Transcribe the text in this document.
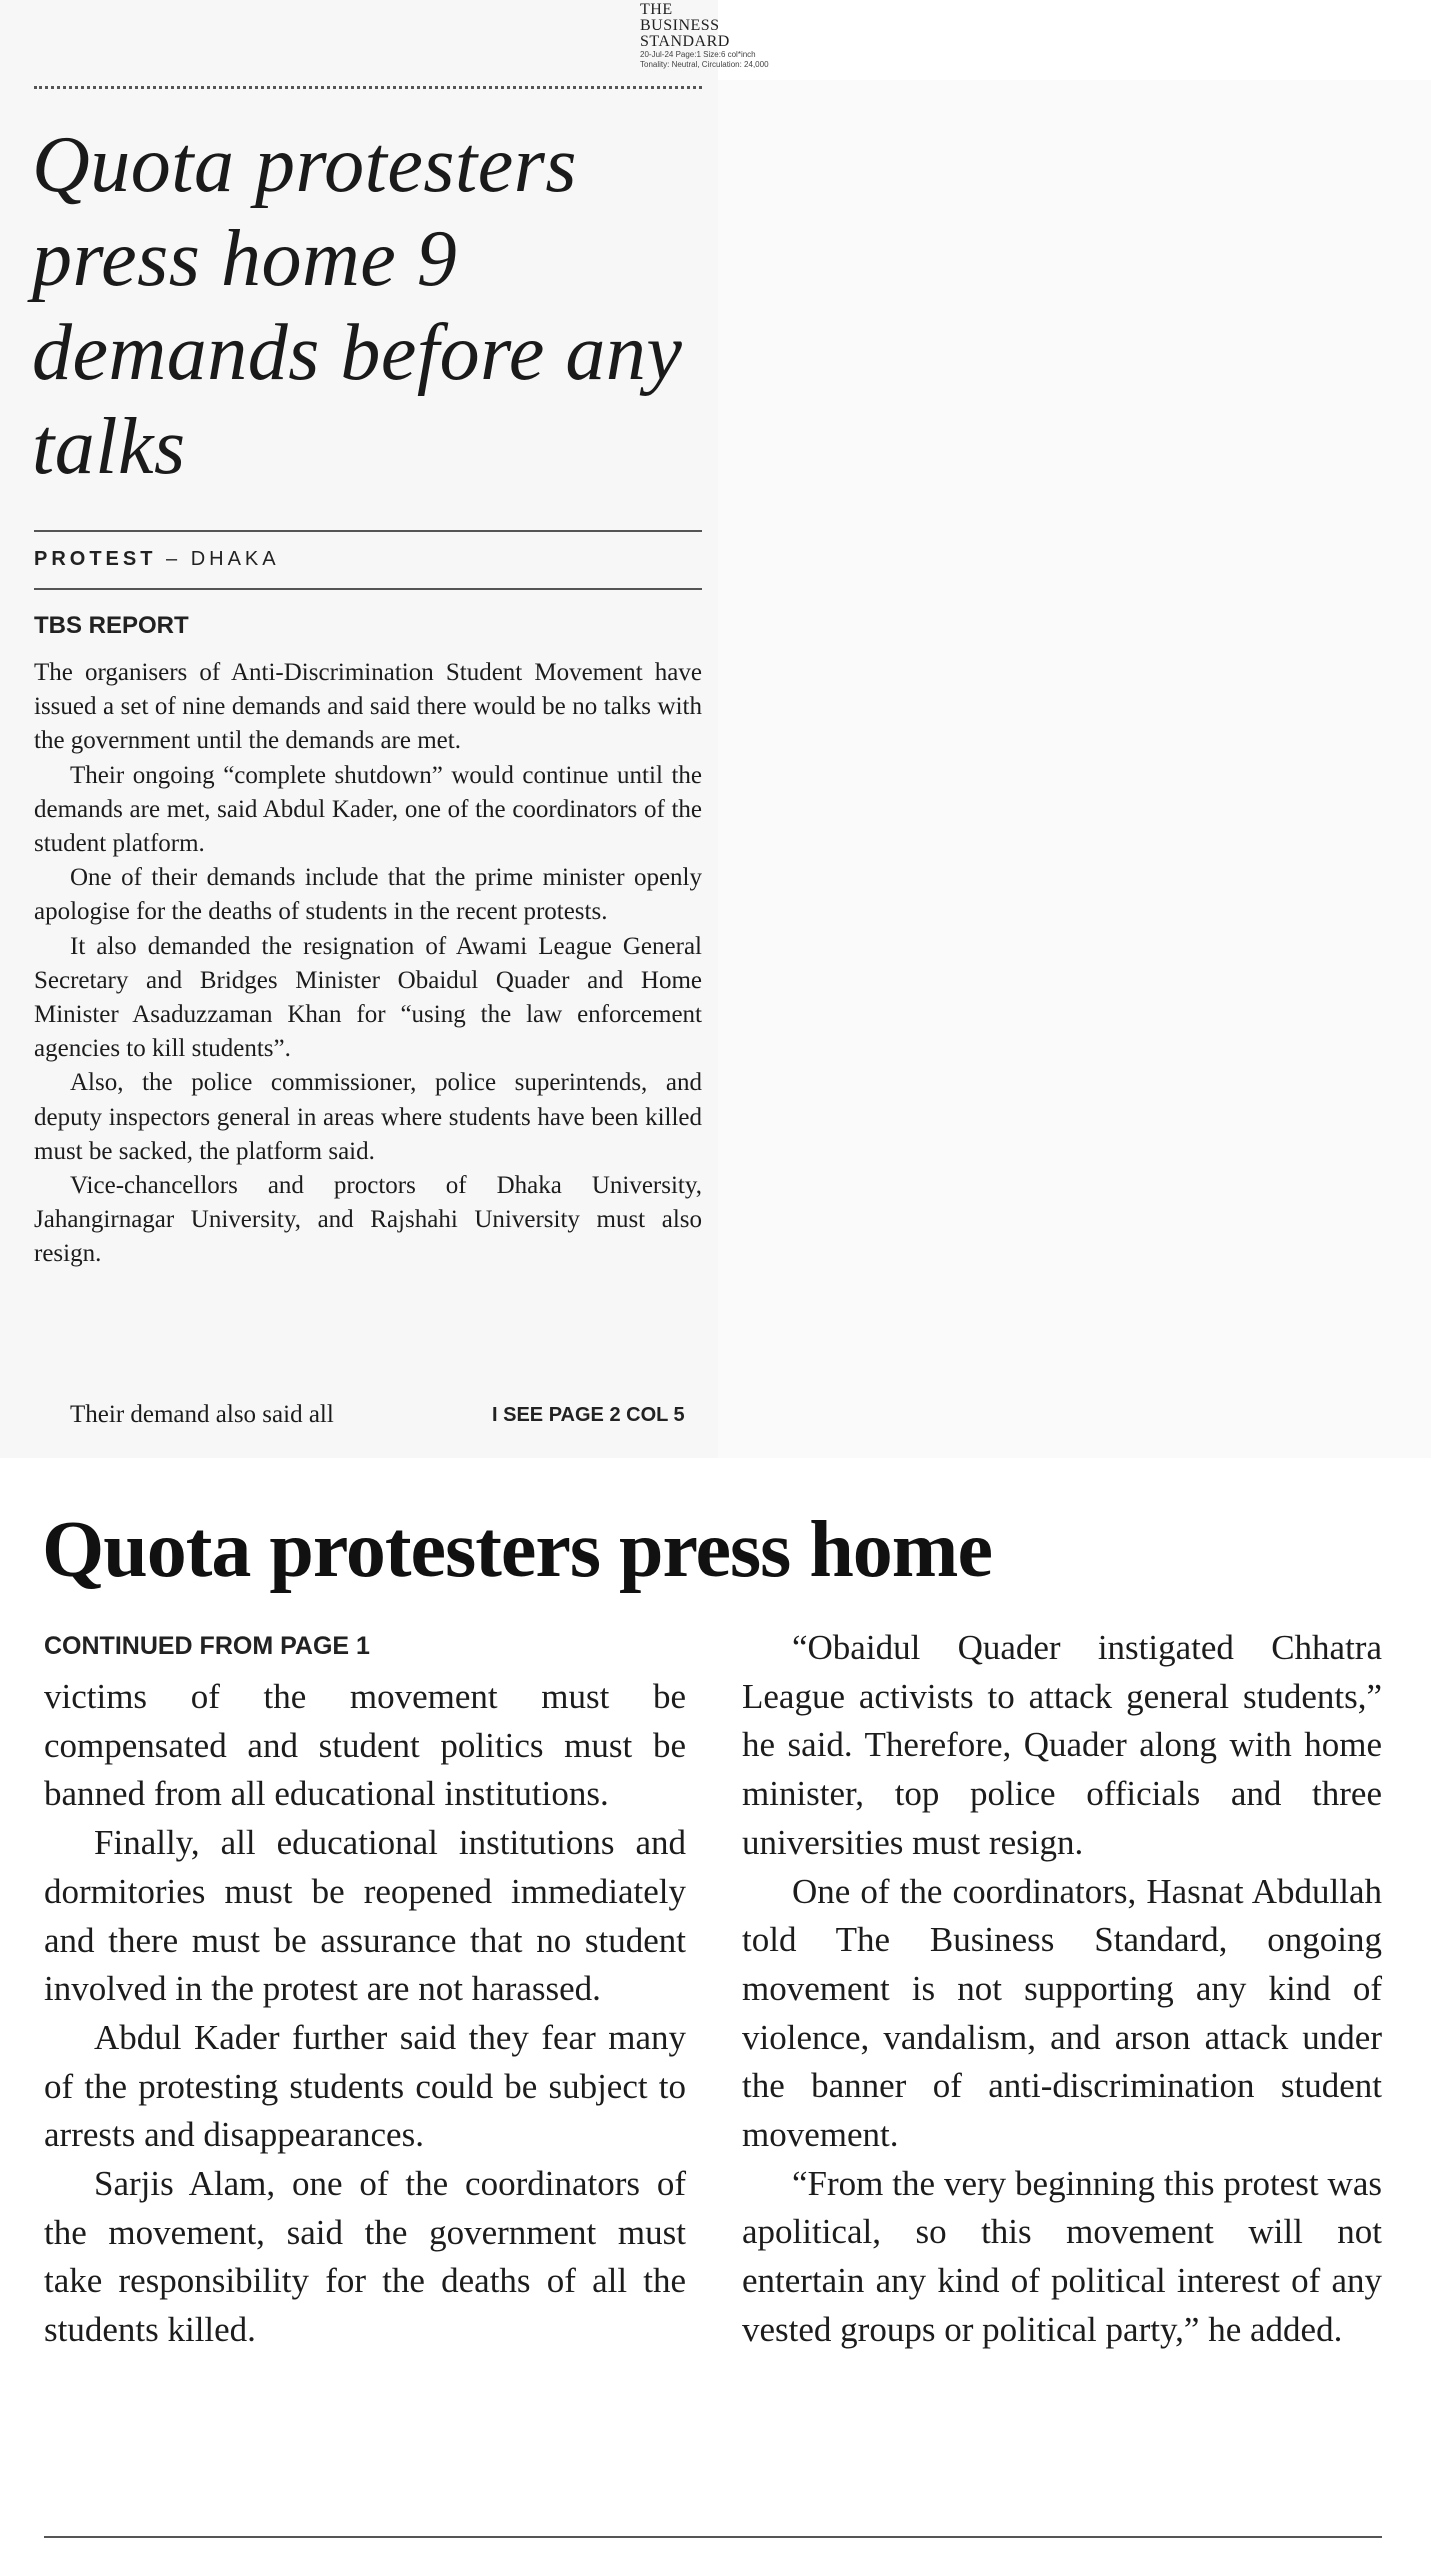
THE
BUSINESS
STANDARD
20-Jul-24 Page:1 Size:6 col*inch
Tonality: Neutral, Circulation: 24,000
Quota protesters press home 9 demands before any talks
PROTEST – DHAKA
TBS REPORT

The organisers of Anti-Discrimination Student Movement have issued a set of nine demands and said there would be no talks with the government until the demands are met.

Their ongoing “complete shutdown” would continue until the demands are met, said Abdul Kader, one of the coordinators of the student platform.

One of their demands include that the prime minister openly apologise for the deaths of students in the recent protests.

It also demanded the resignation of Awami League General Secretary and Bridges Minister Obaidul Quader and Home Minister Asaduzzaman Khan for “using the law enforcement agencies to kill students”.

Also, the police commissioner, police superintends, and deputy inspectors general in areas where students have been killed must be sacked, the platform said.

Vice-chancellors and proctors of Dhaka University, Jahangirnagar University, and Rajshahi University must also resign.

Their demand also said all	I SEE PAGE 2 COL 5
Quota protesters press home
CONTINUED FROM PAGE 1

victims of the movement must be compensated and student politics must be banned from all educational institutions.

Finally, all educational institutions and dormitories must be reopened immediately and there must be assurance that no student involved in the protest are not harassed.

Abdul Kader further said they fear many of the protesting students could be subject to arrests and disappearances.

Sarjis Alam, one of the coordinators of the movement, said the government must take responsibility for the deaths of all the students killed.

“Obaidul Quader instigated Chhatra League activists to attack general students,” he said. Therefore, Quader along with home minister, top police officials and three universities must resign.

One of the coordinators, Hasnat Abdullah told The Business Standard, ongoing movement is not supporting any kind of violence, vandalism, and arson attack under the banner of anti-discrimination student movement.

“From the very beginning this protest was apolitical, so this movement will not entertain any kind of political interest of any vested groups or political party,” he added.
